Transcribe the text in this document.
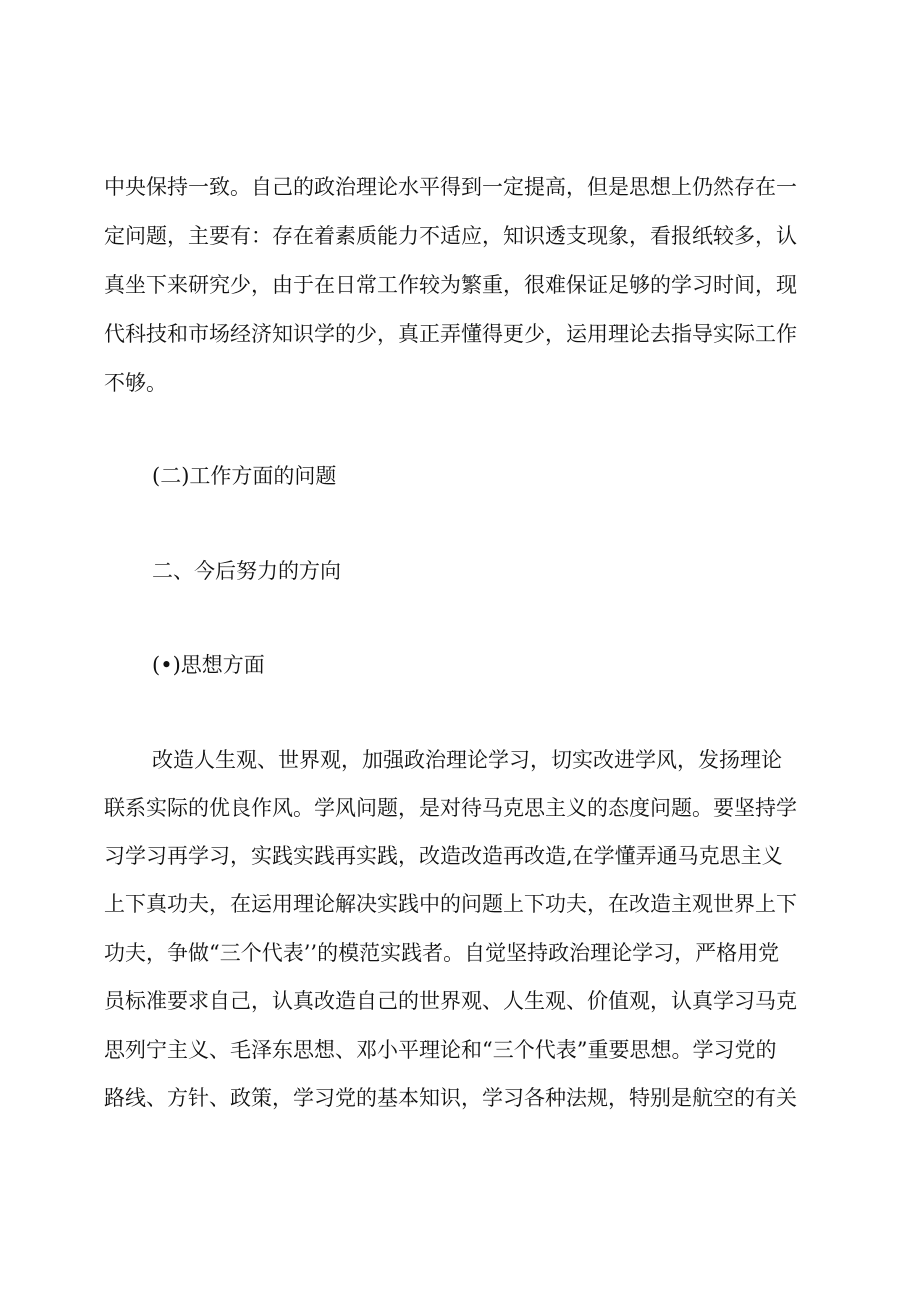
中央保持一致。自己的政治理论水平得到一定提高，但是思想上仍然存在一
定问题，主要有：存在着素质能力不适应，知识透支现象，看报纸较多，认
真坐下来研究少，由于在日常工作较为繁重，很难保证足够的学习时间，现
代科技和市场经济知识学的少，真正弄懂得更少，运用理论去指导实际工作
不够。
(二)工作方面的问题
二、今后努力的方向
(•)思想方面
改造人生观、世界观，加强政治理论学习，切实改进学风，发扬理论
联系实际的优良作风。学风问题，是对待马克思主义的态度问题。要坚持学
习学习再学习，实践实践再实践，改造改造再改造,在学懂弄通马克思主义
上下真功夫，在运用理论解决实践中的问题上下功夫，在改造主观世界上下
功夫，争做“三个代表’’的模范实践者。自觉坚持政治理论学习，严格用党
员标准要求自己，认真改造自己的世界观、人生观、价值观，认真学习马克
思列宁主义、毛泽东思想、邓小平理论和“三个代表”重要思想。学习党的
路线、方针、政策，学习党的基本知识，学习各种法规，特别是航空的有关
